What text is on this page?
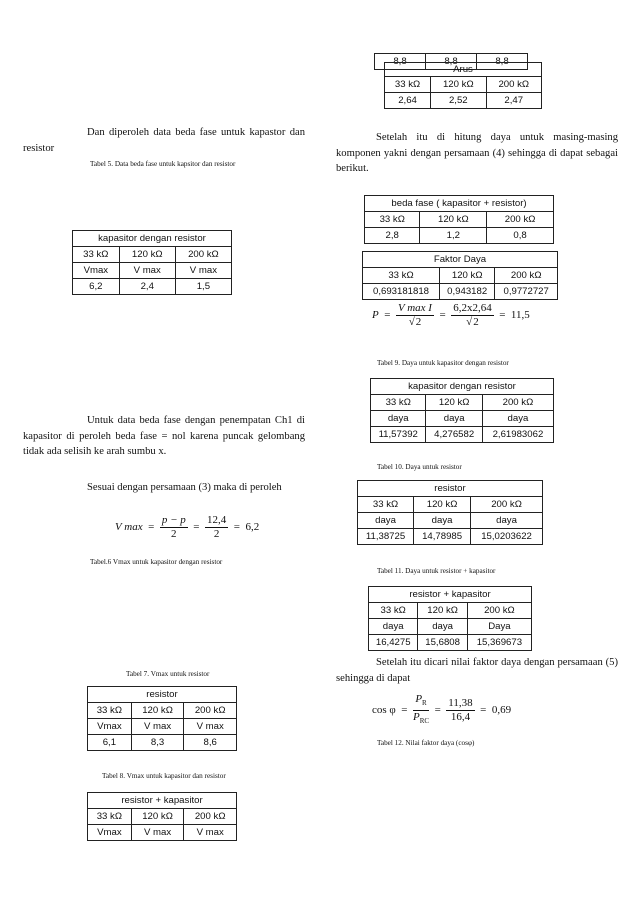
Dan diperoleh data beda fase untuk kapastor dan resistor
Tabel 5. Data beda fase untuk kapsitor dan resistor
kapasitor dengan resistor		
33 kΩ	120 kΩ	200 kΩ
Vmax	V max	V max
6,2	2,4	1,5
Untuk data beda fase dengan penempatan Ch1 di kapasitor di peroleh beda fase = nol karena puncak gelombang tidak ada selisih ke arah sumbu x.
Sesuai dengan persamaan (3) maka di peroleh
V $\max = \frac{p - p}{2} = \frac{12,4}{2} = 6,2$
Tabel.6 Vmax untuk kapasitor dengan resistor
Tabel 7. Vmax untuk resistor
resistor		
33 kΩ	120 kΩ	200 kΩ
Vmax	V max	V max
6,1	8,3	8,6
Tabel 8. Vmax untuk kapasitor dan resistor
resistor + kapasitor		
33 kΩ	120 kΩ	200 kΩ
Vmax	V max	V max
8,8	8,8	8,8
Arus		
33 kΩ	120 kΩ	200 kΩ
2,64	2,52	2,47
Setelah itu di hitung daya untuk masing-masing komponen yakni dengan persamaan (4) sehingga di dapat sebagai berikut.
beda fase ( kapasitor + resistor)		
33 kΩ	120 kΩ	200 kΩ
2,8	1,2	0,8
Faktor Daya		
33 kΩ	120 kΩ	200 kΩ
0,693181818	0,943182	0,9772727
$P = \frac{\text{V max I}}{√2} = \frac{6,2x2,64}{√2} = 11,5$
Tabel 9. Daya untuk kapasitor dengan resistor
kapasitor dengan resistor		
33 kΩ	120 kΩ	200 kΩ
daya	daya	daya
11,57392	4,276582	2,61983062
Tabel 10. Daya untuk resistor
resistor		
33 kΩ	120 kΩ	200 kΩ
daya	daya	daya
11,38725	14,78985	15,0203622
Tabel 11. Daya untuk resistor + kapasitor
resistor + kapasitor		
33 kΩ	120 kΩ	200 kΩ
daya	daya	Daya
16,4275	15,6808	15,369673
Setelah itu dicari nilai faktor daya dengan persamaan (5) sehingga di dapat
$\cos \varphi = \frac{P_R}{P_{RC}} = \frac{11,38}{16,4} = 0,69$
Tabel 12. Nilai faktor daya (cosφ)
